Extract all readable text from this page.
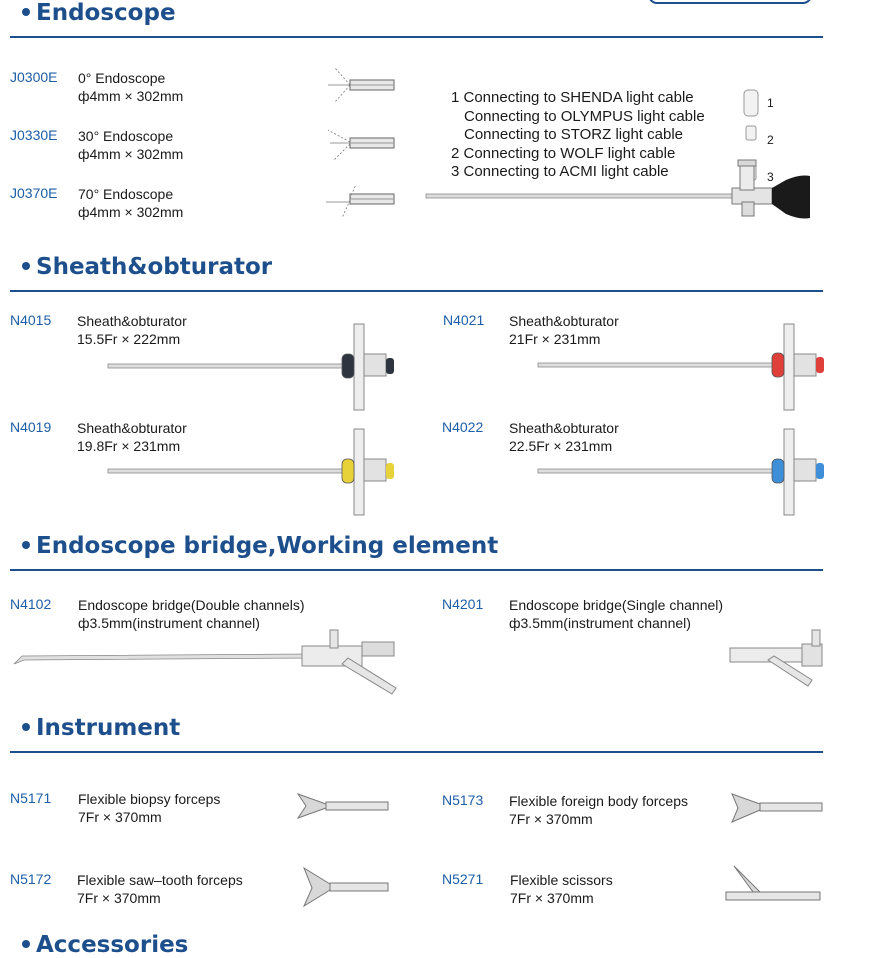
Endoscope
J0300E 0° Endoscope
ф4mm × 302mm
J0330E 30° Endoscope
ф4mm × 302mm
J0370E 70° Endoscope
ф4mm × 302mm
1 Connecting to SHENDA light cable
Connecting to OLYMPUS light cable
Connecting to STORZ light cable
2 Connecting to WOLF light cable
3 Connecting to ACMI light cable
1
2
3
Sheath&obturator
N4015 Sheath&obturator
15.5Fr × 222mm
N4021 Sheath&obturator
21Fr × 231mm
N4019 Sheath&obturator
19.8Fr × 231mm
N4022 Sheath&obturator
22.5Fr × 231mm
Endoscope bridge,Working element
N4102 Endoscope bridge(Double channels)
ф3.5mm(instrument channel)
N4201 Endoscope bridge(Single channel)
ф3.5mm(instrument channel)
Instrument
N5171 Flexible biopsy forceps
7Fr × 370mm
N5173 Flexible foreign body forceps
7Fr × 370mm
N5172 Flexible saw–tooth forceps
7Fr × 370mm
N5271 Flexible scissors
7Fr × 370mm
Accessories
